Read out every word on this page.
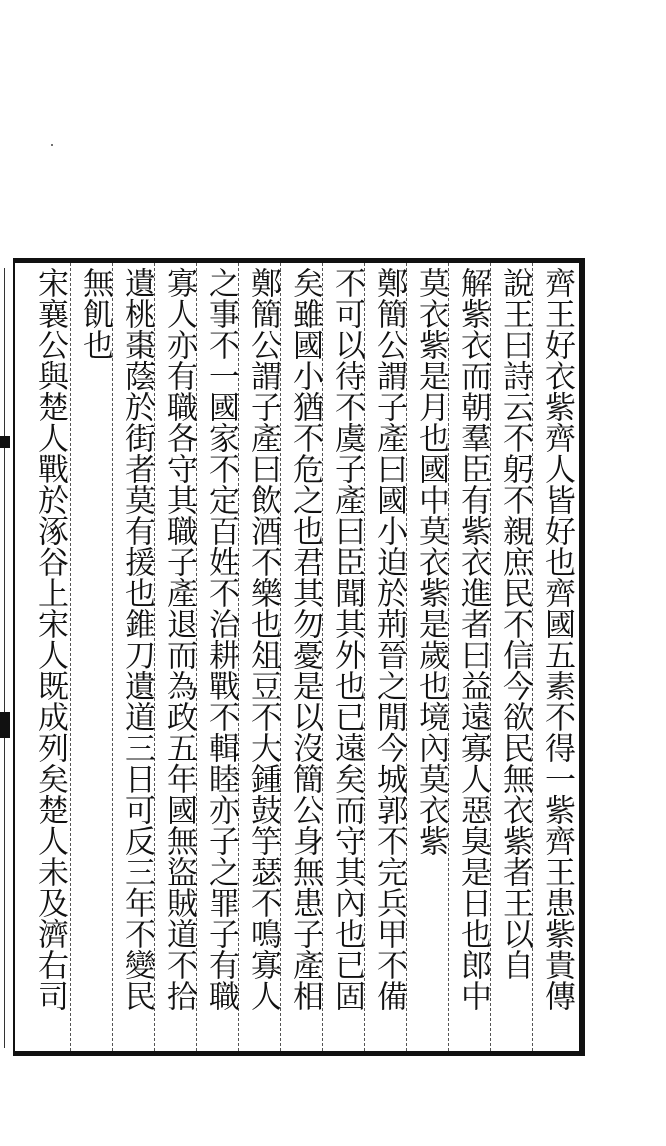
齊王好衣紫齊人皆好也齊國五素不得一紫齊王患紫貴傳
說王曰詩云不躬不親庶民不信今欲民無衣紫者王以自
解紫衣而朝羣臣有紫衣進者曰益遠寡人惡臭是日也郎中
莫衣紫是月也國中莫衣紫是歲也境內莫衣紫
鄭簡公謂子產曰國小迫於荊晉之閒今城郭不完兵甲不備
不可以待不虞子產曰臣聞其外也已遠矣而守其內也已固
矣雖國小猶不危之也君其勿憂是以沒簡公身無患子產相
鄭簡公謂子產曰飲酒不樂也俎豆不大鍾鼓竽瑟不鳴寡人
之事不一國家不定百姓不治耕戰不輯睦亦子之罪子有職
寡人亦有職各守其職子產退而為政五年國無盜賊道不拾
遺桃棗蔭於街者莫有援也錐刀遺道三日可反三年不變民
無飢也
宋襄公與楚人戰於涿谷上宋人既成列矣楚人未及濟右司
